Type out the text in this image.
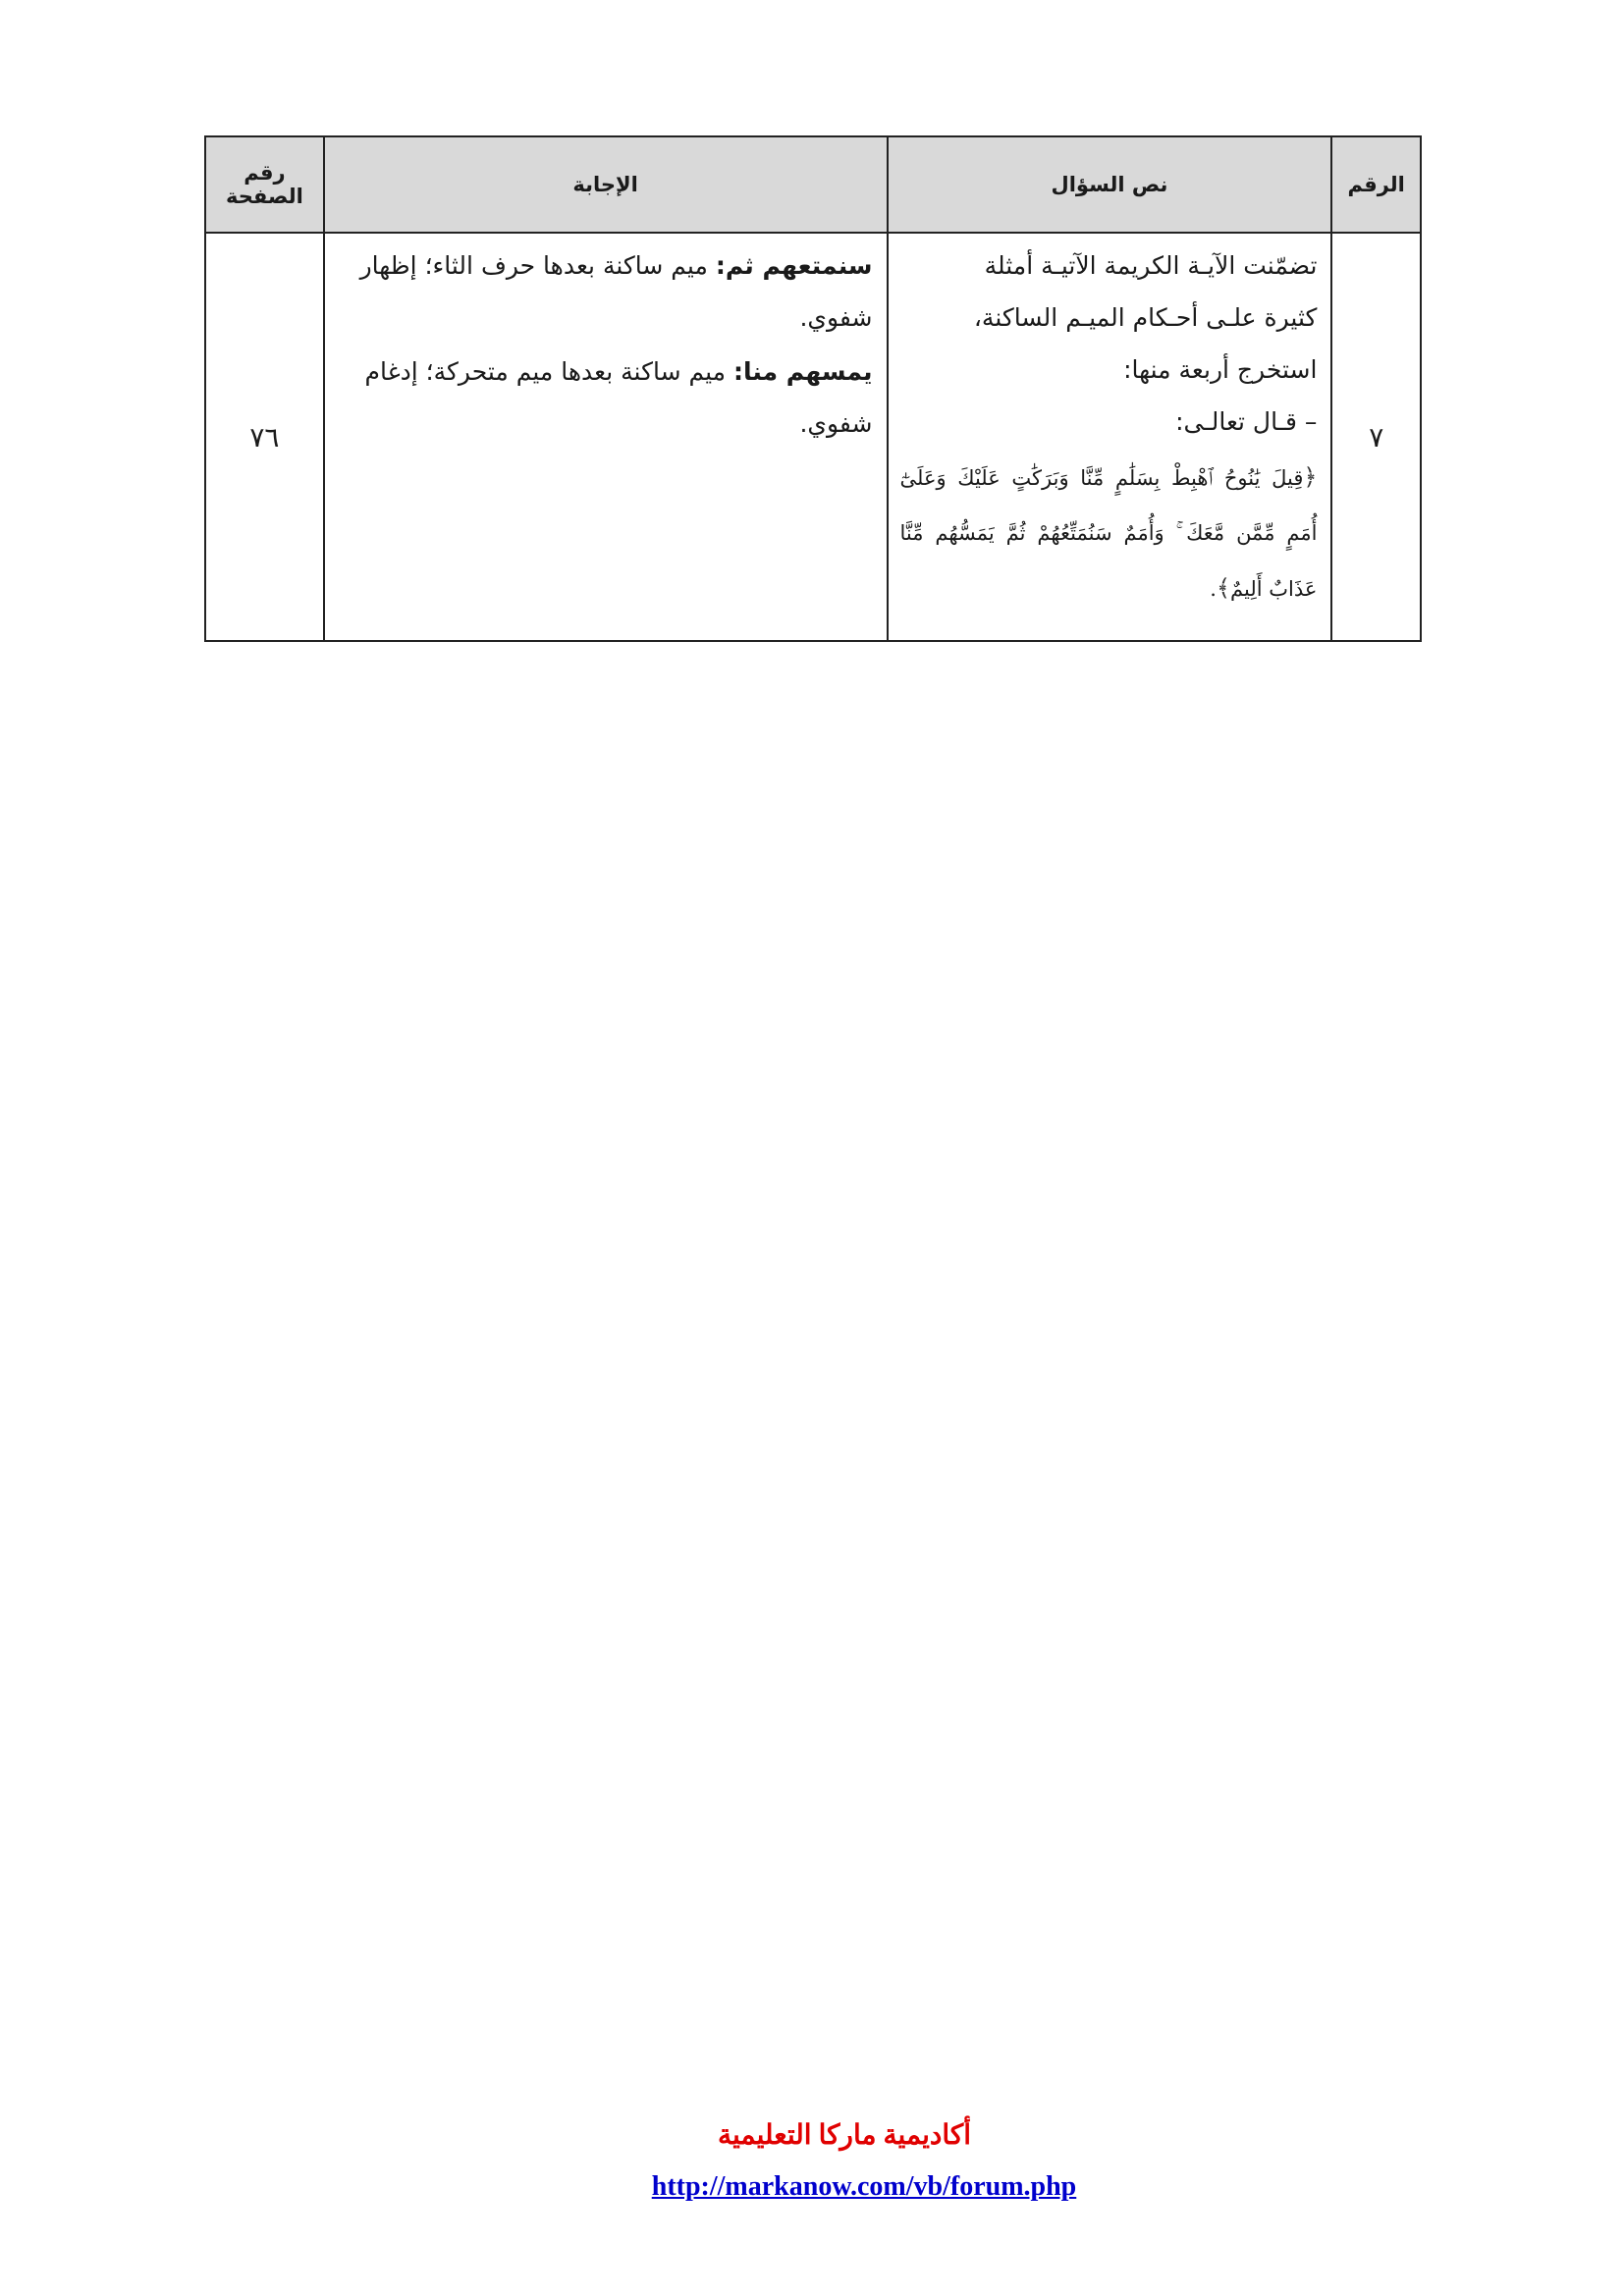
الرقم	نص السؤال	الإجابة	رقم
الصفحة
٧	تضمّنت الآيـة الكريمة الآتيـة أمثلة
كثيرة علـى أحـكام الميـم الساكنة،
استخرج أربعة منها:
– قـال تعالـى:
﴿قِيلَ يَٰنُوحُ ٱهْبِطْ بِسَلَٰمٍ مِّنَّا وَبَرَكَٰتٍ عَلَيْكَ وَعَلَىٰٓ أُمَمٍ مِّمَّن مَّعَكَ ۚ وَأُمَمٌ سَنُمَتِّعُهُمْ ثُمَّ يَمَسُّهُم مِّنَّا عَذَابٌ أَلِيمٌ﴾.	سنمتعهم ثم: ميم ساكنة بعدها حرف الثاء؛ إظهار شفوي.
يمسهم منا: ميم ساكنة بعدها ميم متحركة؛ إدغام شفوي.	٧٦
أكاديمية ماركا التعليمية
http://markanow.com/vb/forum.php
